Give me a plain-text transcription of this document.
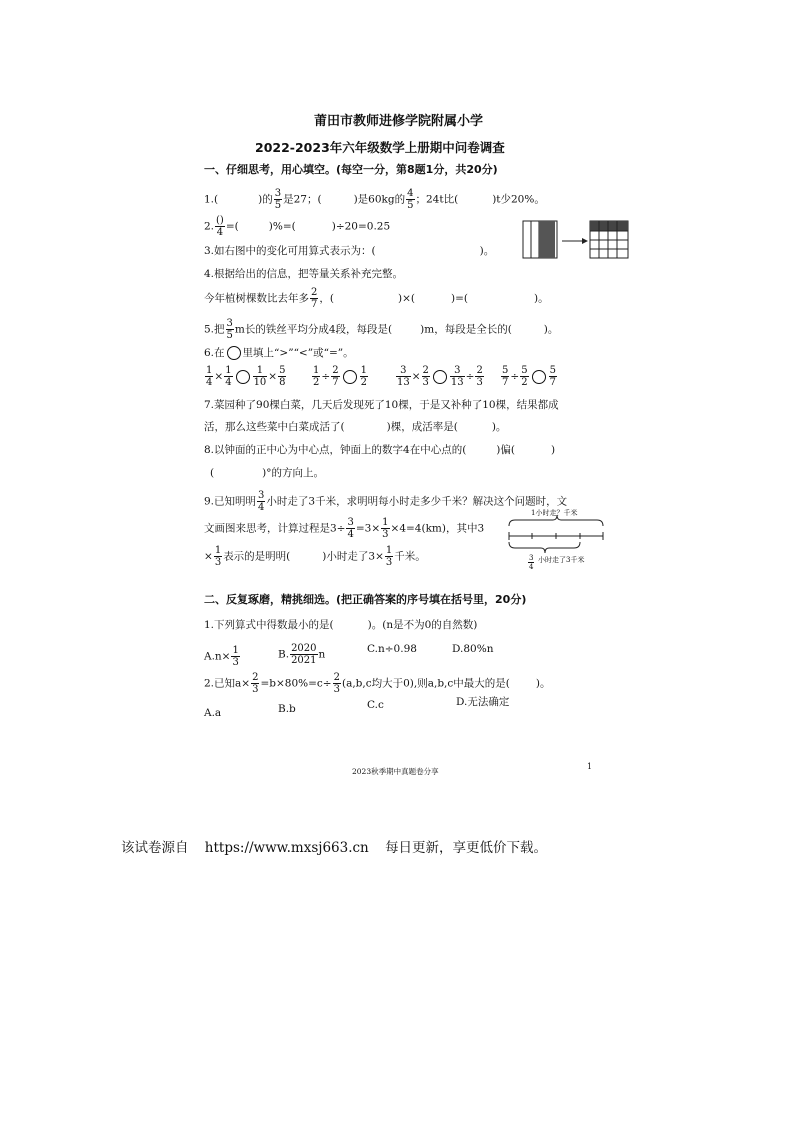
莆田市教师进修学院附属小学
2022-2023年六年级数学上册期中问卷调查
一、仔细思考，用心填空。(每空一分，第8题1分，共20分)
1.(	)的 $\frac{3}{5}$ 是27；(	)是60kg的 $\frac{4}{5}$ ；24t比(	)t少20%。
2. $\frac{()}{4}$ =(	)%=(	)÷20=0.25
3.如右图中的变化可用算式表示为：(	)。
4.根据给出的信息，把等量关系补充完整。
今年植树棵数比去年多 $\frac{2}{7}$ ，(	)×(	)=(	)。
5.把 $\frac{3}{5}$ m长的铁丝平均分成4段，每段是(	)m，每段是全长的(	)。
6.在 里填上“>”“<”或“=”。
$\frac{1}{4} \times \frac{1}{4} \frac{1}{10} \times \frac{5}{8}$	$\frac{1}{2} \div \frac{2}{7} \frac{1}{2}$	$\frac{3}{13} \times \frac{2}{3} \frac{3}{13} \div \frac{2}{3} \frac{5}{7} \div \frac{5}{2} \frac{5}{7}$
7.菜园种了90棵白菜，几天后发现死了10棵，于是又补种了10棵，结果都成
活，那么这些菜中白菜成活了(	)棵，成活率是(	)。
8.以钟面的正中心为中心点，钟面上的数字4在中心点的(	)偏(	)
(	)°的方向上。
9.已知明明 $\frac{3}{4}$ 小时走了3千米，求明明每小时走多少千米？解决这个问题时，文
文画图来思考，计算过程是$3\div \frac{3}{4} =3\times \frac{1}{3} \times 4=4(km)$，其中3
× $\frac{1}{3}$ 表示的是明明(	)小时走了$3\times \frac{1}{3}$ 千米。
1小时走？千米
$\frac{3}{4}$ 小时走了3千米
二、反复琢磨，精挑细选。(把正确答案的序号填在括号里，20分)
1.下列算式中得数最小的是(	)。(n是不为0的自然数)
$A.n\times \frac{1}{3}$	B. $\frac{2020}{2021}$ n	C.n÷0.98	D.80%n
2.已知$a\times \frac{2}{3} =b\times 80\%=c\div \frac{2}{3} (a,b,c$均大于0),则a,b,c中最大的是( )。
A.a	B.b	C.c	D.无法确定
2023秋季期中真题卷分享
1
该试卷源自 https://www.mxsj663.cn 每日更新，享更低价下载。
